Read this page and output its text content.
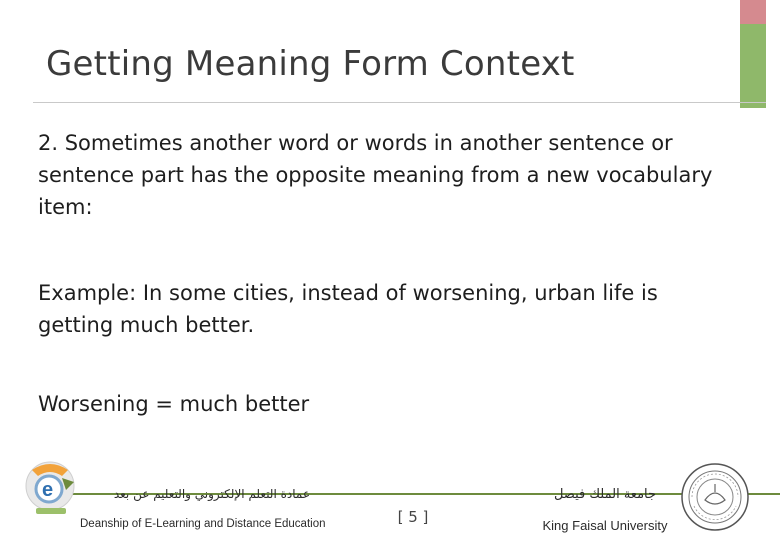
Getting Meaning Form Context
2. Sometimes another word or words in another sentence or sentence part has the opposite meaning from a new vocabulary item:
Example: In some cities, instead of worsening, urban life is getting much better.
Worsening = much better
e	عمادة التعلم الإلكتروني والتعليم عن بعد
Deanship of E-Learning and Distance Education	[ 5 ]
جامعة الملك فيصل
King Faisal University
